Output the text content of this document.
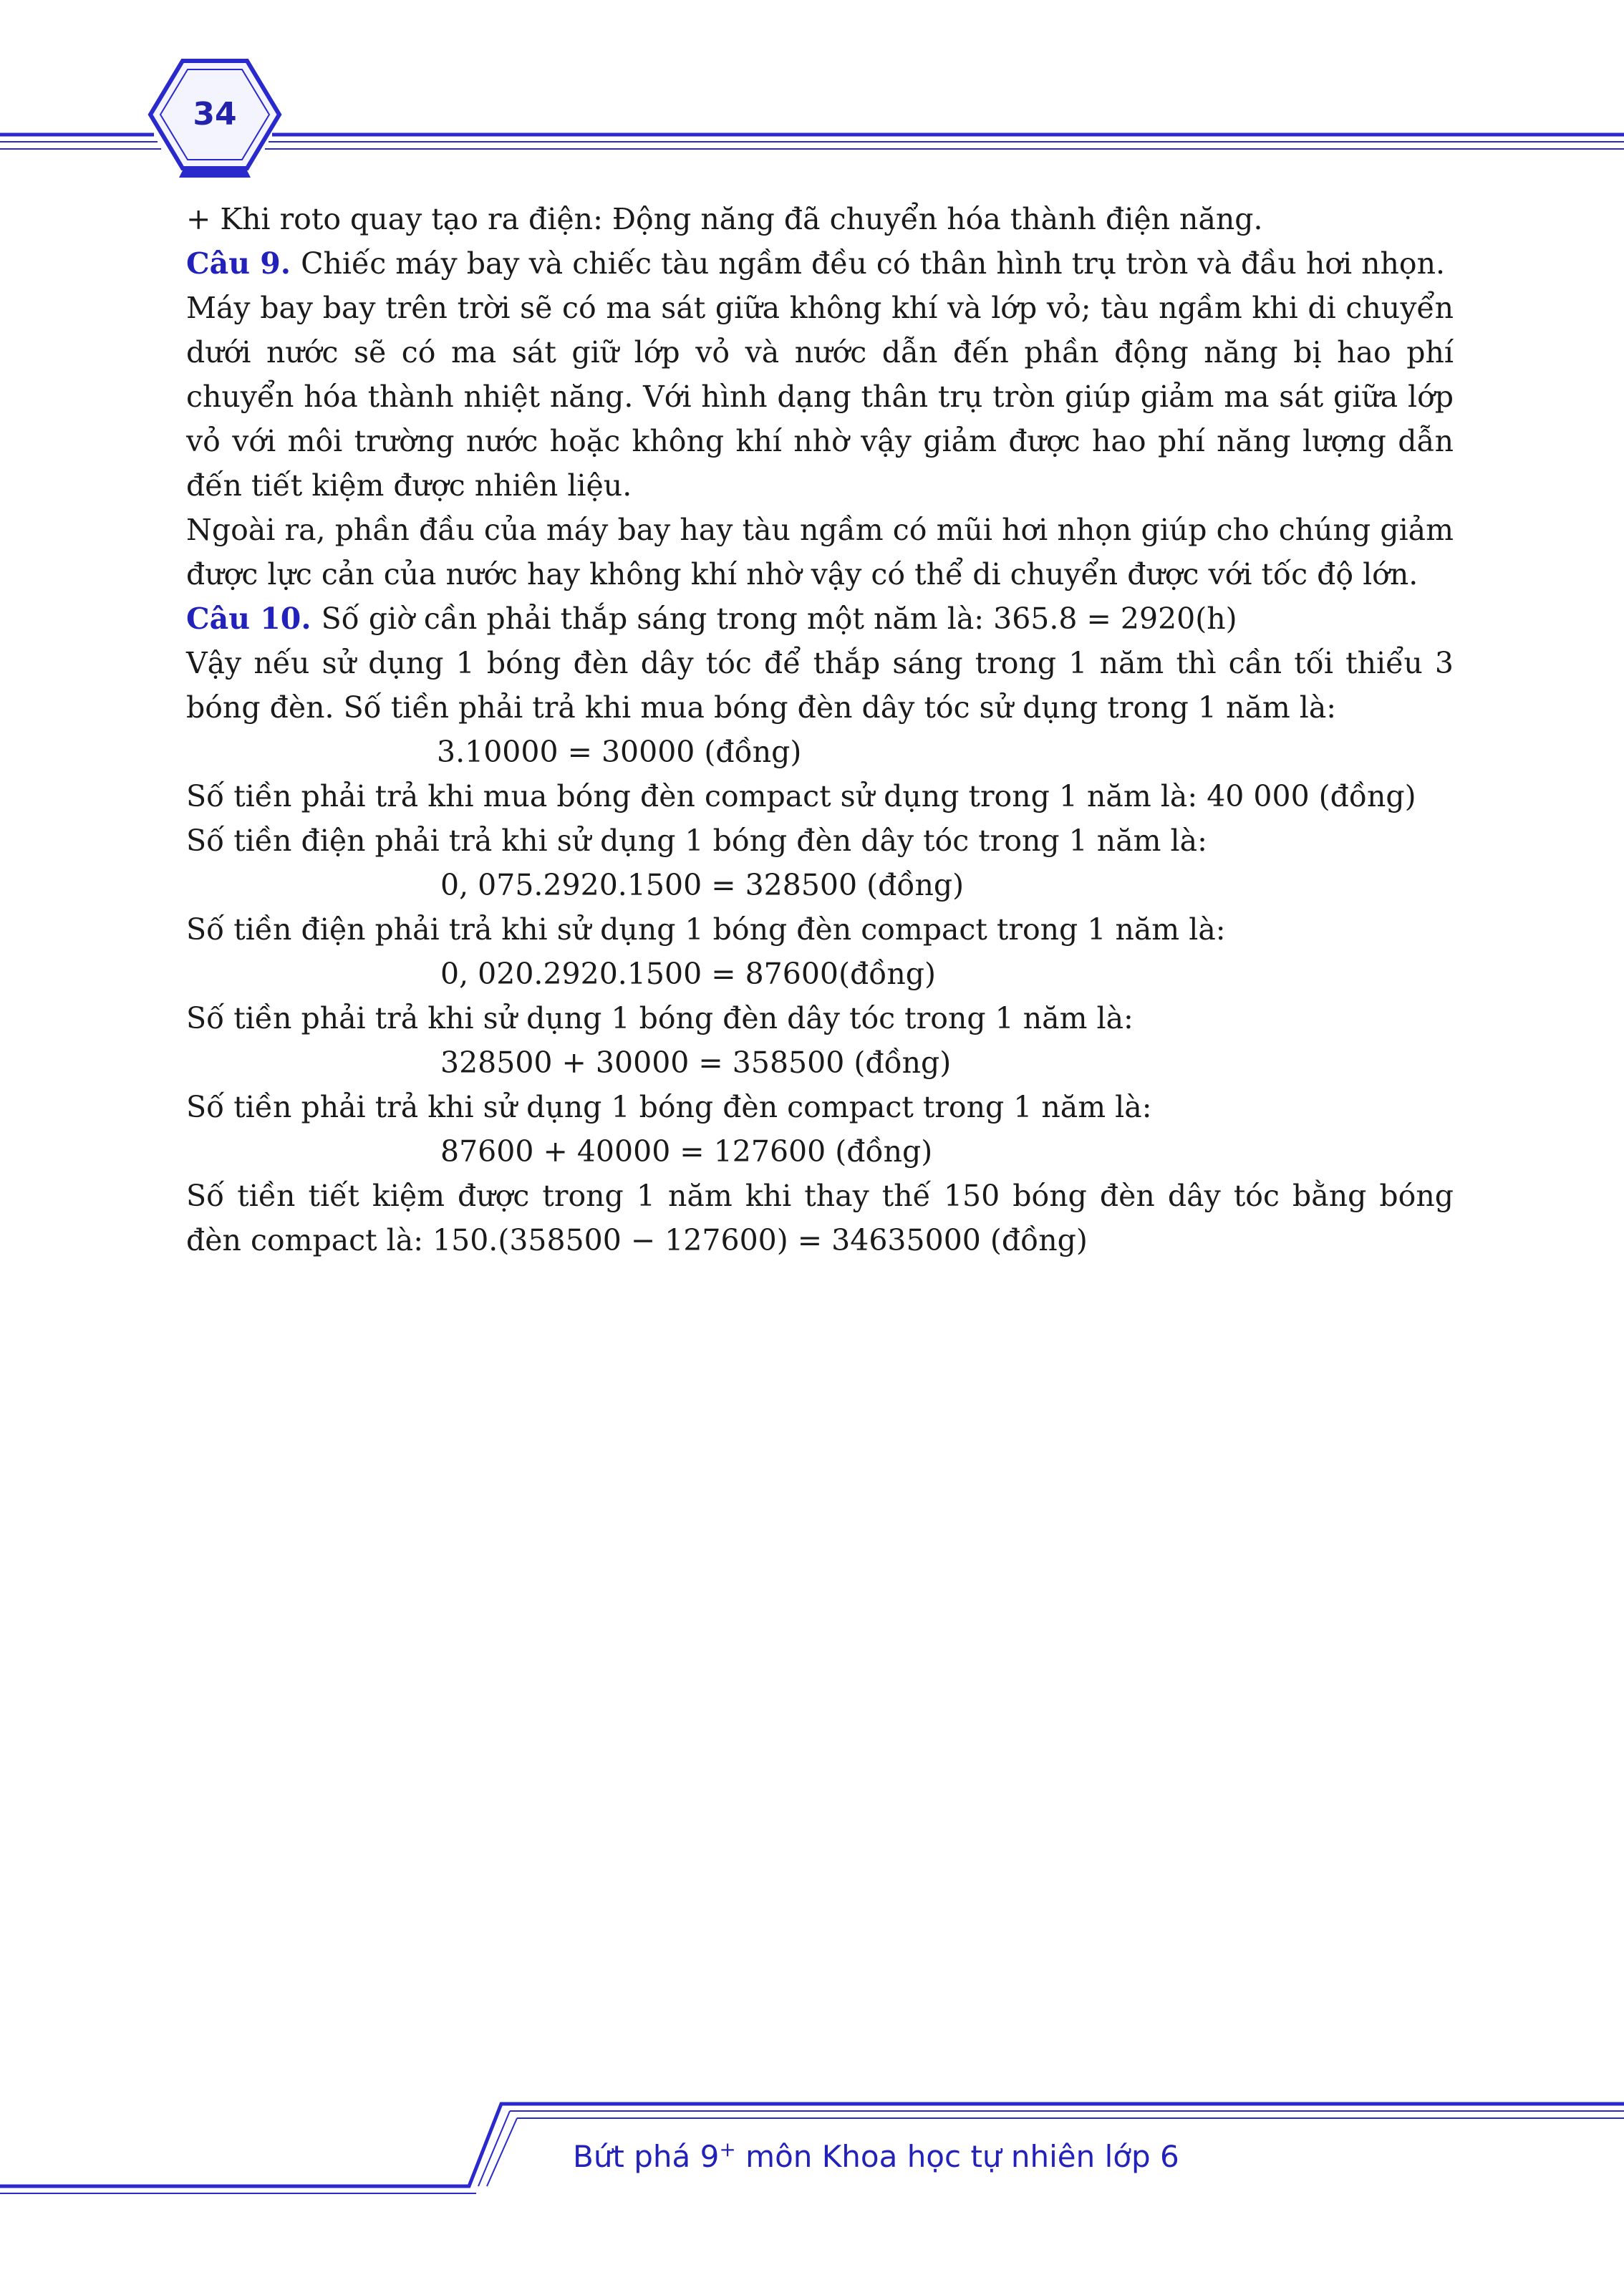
34

+ Khi roto quay tạo ra điện: Động năng đã chuyển hóa thành điện năng.

Câu 9. Chiếc máy bay và chiếc tàu ngầm đều có thân hình trụ tròn và đầu hơi nhọn.

Máy bay bay trên trời sẽ có ma sát giữa không khí và lớp vỏ; tàu ngầm khi di chuyển dưới nước sẽ có ma sát giữ lớp vỏ và nước dẫn đến phần động năng bị hao phí chuyển hóa thành nhiệt năng. Với hình dạng thân trụ tròn giúp giảm ma sát giữa lớp vỏ với môi trường nước hoặc không khí nhờ vậy giảm được hao phí năng lượng dẫn đến tiết kiệm được nhiên liệu.

Ngoài ra, phần đầu của máy bay hay tàu ngầm có mũi hơi nhọn giúp cho chúng giảm được lực cản của nước hay không khí nhờ vậy có thể di chuyển được với tốc độ lớn.

Câu 10. Số giờ cần phải thắp sáng trong một năm là: 365.8 = 2920(h)

Vậy nếu sử dụng 1 bóng đèn dây tóc để thắp sáng trong 1 năm thì cần tối thiểu 3 bóng đèn. Số tiền phải trả khi mua bóng đèn dây tóc sử dụng trong 1 năm là:

3.10000 = 30000 (đồng)

Số tiền phải trả khi mua bóng đèn compact sử dụng trong 1 năm là: 40 000 (đồng)

Số tiền điện phải trả khi sử dụng 1 bóng đèn dây tóc trong 1 năm là:

0, 075.2920.1500 = 328500 (đồng)

Số tiền điện phải trả khi sử dụng 1 bóng đèn compact trong 1 năm là:

0, 020.2920.1500 = 87600(đồng)

Số tiền phải trả khi sử dụng 1 bóng đèn dây tóc trong 1 năm là:

328500 + 30000 = 358500 (đồng)

Số tiền phải trả khi sử dụng 1 bóng đèn compact trong 1 năm là:

87600 + 40000 = 127600 (đồng)

Số tiền tiết kiệm được trong 1 năm khi thay thế 150 bóng đèn dây tóc bằng bóng đèn compact là: 150.(358500 − 127600) = 34635000 (đồng)

Bứt phá 9+ môn Khoa học tự nhiên lớp 6
